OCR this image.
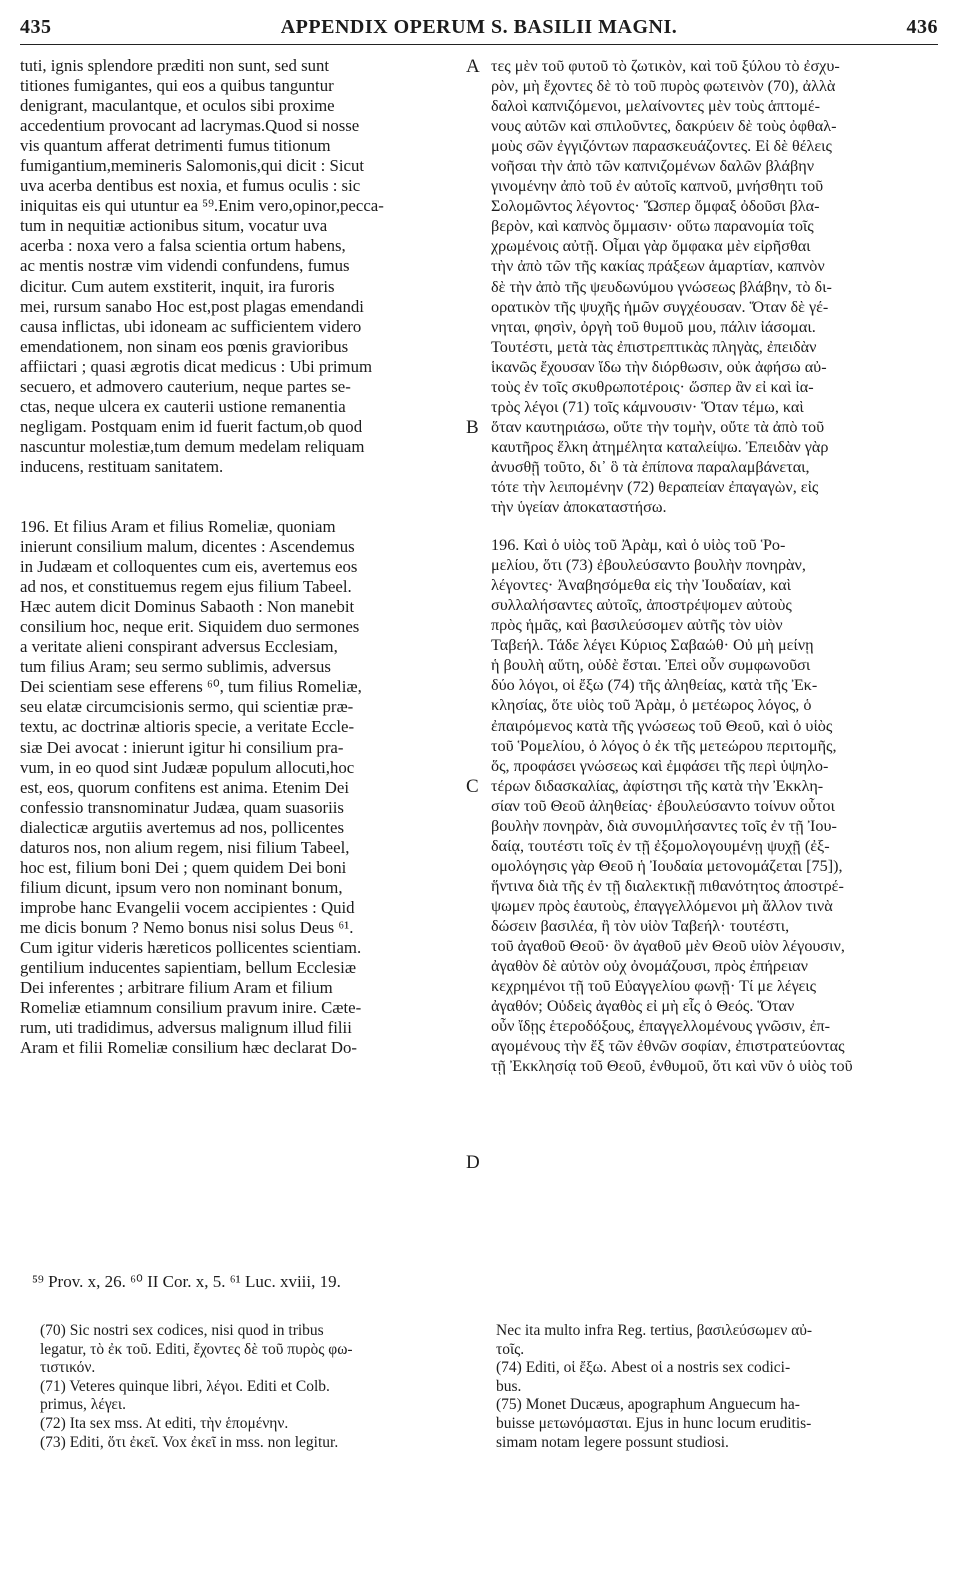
APPENDIX OPERUM S. BASILII MAGNI.
435	436

tuti, ignis splendore præditi non sunt, sed sunt
titiones fumigantes, qui eos a quibus tanguntur
denigrant, maculantque, et oculos sibi proxime
accedentium provocant ad lacrymas.Quod si nosse
vis quantum afferat detrimenti fumus titionum
fumigantium,memineris Salomonis,qui dicit : Sicut
uva acerba dentibus est noxia, et fumus oculis : sic
iniquitas eis qui utuntur ea ⁵⁹.Enim vero,opinor,pecca-
tum in nequitiæ actionibus situm, vocatur uva
acerba : noxa vero a falsa scientia ortum habens,
ac mentis nostræ vim videndi confundens, fumus
dicitur. Cum autem exstiterit, inquit, ira furoris
mei, rursum sanabo Hoc est,post plagas emendandi
causa inflictas, ubi idoneam ac sufficientem videro
emendationem, non sinam eos pœnis gravioribus
affiictari ; quasi ægrotis dicat medicus : Ubi primum
secuero, et admovero cauterium, neque partes se-
ctas, neque ulcera ex cauterii ustione remanentia
negligam. Postquam enim id fuerit factum,ob quod
nascuntur molestiæ,tum demum medelam reliquam
inducens, restituam sanitatem.

196. Et filius Aram et filius Romeliæ, quoniam
inierunt consilium malum, dicentes : Ascendemus
in Judæam et colloquentes cum eis, avertemus eos
ad nos, et constituemus regem ejus filium Tabeel.
Hæc autem dicit Dominus Sabaoth : Non manebit
consilium hoc, neque erit. Siquidem duo sermones
a veritate alieni conspirant adversus Ecclesiam,
tum filius Aram; seu sermo sublimis, adversus
Dei scientiam sese efferens ⁶⁰, tum filius Romeliæ,
seu elatæ circumcisionis sermo, qui scientiæ præ-
textu, ac doctrinæ altioris specie, a veritate Eccle-
siæ Dei avocat : inierunt igitur hi consilium pra-
vum, in eo quod sint Judææ populum allocuti,hoc
est, eos, quorum confitens est anima. Etenim Dei
confessio transnominatur Judæa, quam suasoriis
dialecticæ argutiis avertemus ad nos, pollicentes
daturos nos, non alium regem, nisi filium Tabeel,
hoc est, filium boni Dei ; quem quidem Dei boni
filium dicunt, ipsum vero non nominant bonum,
improbe hanc Evangelii vocem accipientes : Quid
me dicis bonum ? Nemo bonus nisi solus Deus ⁶¹.
Cum igitur videris hæreticos pollicentes scientiam.
gentilium inducentes sapientiam, bellum Ecclesiæ
Dei inferentes ; arbitrare filium Aram et filium
Romeliæ etiamnum consilium pravum inire. Cæte-
rum, uti tradidimus, adversus malignum illud filii
Aram et filii Romeliæ consilium hæc declarat Do-

A
B
C
D

τες μὲν τοῦ φυτοῦ τὸ ζωτικὸν, καὶ τοῦ ξύλου τὸ ἐσχυ-
ρὸν, μὴ ἔχοντες δὲ τὸ τοῦ πυρὸς φωτεινὸν (70), ἀλλὰ
δαλοὶ καπνιζόμενοι, μελαίνοντες μὲν τοὺς ἁπτομέ-
νους αὐτῶν καὶ σπιλοῦντες, δακρύειν δὲ τοὺς ὀφθαλ-
μοὺς σῶν ἐγγιζόντων παρασκευάζοντες. Εἰ δὲ θέλεις
νοῆσαι τὴν ἀπὸ τῶν καπνιζομένων δαλῶν βλάβην
γινομένην ἀπὸ τοῦ ἐν αὐτοῖς καπνοῦ, μνήσθητι τοῦ
Σολομῶντος λέγοντος· Ὥσπερ ὄμφαξ ὀδοῦσι βλα-
βερὸν, καὶ καπνὸς ὄμμασιν· οὕτω παρανομία τοῖς
χρωμένοις αὐτῇ. Οἶμαι γὰρ ὄμφακα μὲν εἰρῆσθαι
τὴν ἀπὸ τῶν τῆς κακίας πράξεων ἁμαρτίαν, καπνὸν
δὲ τὴν ἀπὸ τῆς ψευδωνύμου γνώσεως βλάβην, τὸ δι-
ορατικὸν τῆς ψυχῆς ἡμῶν συγχέουσαν. Ὅταν δὲ γέ-
νηται, φησὶν, ὀργὴ τοῦ θυμοῦ μου, πάλιν ἰάσομαι.
Τουτέστι, μετὰ τὰς ἐπιστρεπτικὰς πληγὰς, ἐπειδὰν
ἱκανῶς ἔχουσαν ἴδω τὴν διόρθωσιν, οὐκ ἀφήσω αὐ-
τοὺς ἐν τοῖς σκυθρωποτέροις· ὥσπερ ἂν εἰ καὶ ἰα-
τρὸς λέγοι (71) τοῖς κάμνουσιν· Ὅταν τέμω, καὶ
ὅταν καυτηριάσω, οὔτε τὴν τομὴν, οὔτε τὰ ἀπὸ τοῦ
καυτῆρος ἕλκη ἀτημέλητα καταλείψω. Ἐπειδὰν γὰρ
ἀνυσθῇ τοῦτο, δι᾽ ὃ τὰ ἐπίπονα παραλαμβάνεται,
τότε τὴν λειπομένην (72) θεραπείαν ἐπαγαγὼν, εἰς
τὴν ὑγείαν ἀποκαταστήσω.

196. Καὶ ὁ υἱὸς τοῦ Ἀρὰμ, καὶ ὁ υἱὸς τοῦ Ῥο-
μελίου, ὅτι (73) ἐβουλεύσαντο βουλὴν πονηρὰν,
λέγοντες· Ἀναβησόμεθα εἰς τὴν Ἰουδαίαν, καὶ
συλλαλήσαντες αὐτοῖς, ἀποστρέψομεν αὐτοὺς
πρὸς ἡμᾶς, καὶ βασιλεύσομεν αὐτῆς τὸν υἱὸν
Ταβεήλ. Τάδε λέγει Κύριος Σαβαώθ· Οὐ μὴ μείνῃ
ἡ βουλὴ αὕτη, οὐδὲ ἔσται. Ἐπεὶ οὖν συμφωνοῦσι
δύο λόγοι, οἱ ἔξω (74) τῆς ἀληθείας, κατὰ τῆς Ἐκ-
κλησίας, ὅτε υἱὸς τοῦ Ἀρὰμ, ὁ μετέωρος λόγος, ὁ
ἐπαιρόμενος κατὰ τῆς γνώσεως τοῦ Θεοῦ, καὶ ὁ υἱὸς
τοῦ Ῥομελίου, ὁ λόγος ὁ ἐκ τῆς μετεώρου περιτομῆς,
ὅς, προφάσει γνώσεως καὶ ἐμφάσει τῆς περὶ ὑψηλο-
τέρων διδασκαλίας, ἀφίστησι τῆς κατὰ τὴν Ἐκκλη-
σίαν τοῦ Θεοῦ ἀληθείας· ἐβουλεύσαντο τοίνυν οὗτοι
βουλὴν πονηρὰν, διὰ συνομιλήσαντες τοῖς ἐν τῇ Ἰου-
δαίᾳ, τουτέστι τοῖς ἐν τῇ ἐξομολογουμένῃ ψυχῇ (ἐξ-
ομολόγησις γὰρ Θεοῦ ἡ Ἰουδαία μετονομάζεται [75]),
ἥντινα διὰ τῆς ἐν τῇ διαλεκτικῇ πιθανότητος ἀποστρέ-
ψωμεν πρὸς ἑαυτοὺς, ἐπαγγελλόμενοι μὴ ἄλλον τινὰ
δώσειν βασιλέα, ἢ τὸν υἱὸν Ταβεήλ· τουτέστι,
τοῦ ἀγαθοῦ Θεοῦ· ὃν ἀγαθοῦ μὲν Θεοῦ υἱὸν λέγουσιν,
ἀγαθὸν δὲ αὐτὸν οὐχ ὀνομάζουσι, πρὸς ἐπήρειαν
κεχρημένοι τῇ τοῦ Εὐαγγελίου φωνῇ· Τί με λέγεις
ἀγαθόν; Οὐδεὶς ἀγαθὸς εἰ μὴ εἷς ὁ Θεός. Ὅταν
οὖν ἴδῃς ἑτεροδόξους, ἐπαγγελλομένους γνῶσιν, ἐπ-
αγομένους τὴν ἔξ τῶν ἐθνῶν σοφίαν, ἐπιστρατεύοντας
τῇ Ἐκκλησίᾳ τοῦ Θεοῦ, ἐνθυμοῦ, ὅτι καὶ νῦν ὁ υἱὸς τοῦ

⁵⁹ Prov. x, 26. ⁶⁰ II Cor. x, 5. ⁶¹ Luc. xviii, 19.
(70) Sic nostri sex codices, nisi quod in tribus
legatur, τὸ ἐκ τοῦ. Editi, ἔχοντες δὲ τοῦ πυρὸς φω-
τιστικόν.
(71) Veteres quinque libri, λέγοι. Editi et Colb.
primus, λέγει.
(72) Ita sex mss. At editi, τὴν ἑπομένην.
(73) Editi, ὅτι ἐκεῖ. Vox ἐκεῖ in mss. non legitur.
Nec ita multo infra Reg. tertius, βασιλεύσωμεν αὐ-
τοῖς.
(74) Editi, οἱ ἔξω. Abest οἱ a nostris sex codici-
bus.
(75) Monet Ducæus, apographum Anguecum ha-
buisse μετωνόμασται. Ejus in hunc locum eruditis-
simam notam legere possunt studiosi.
